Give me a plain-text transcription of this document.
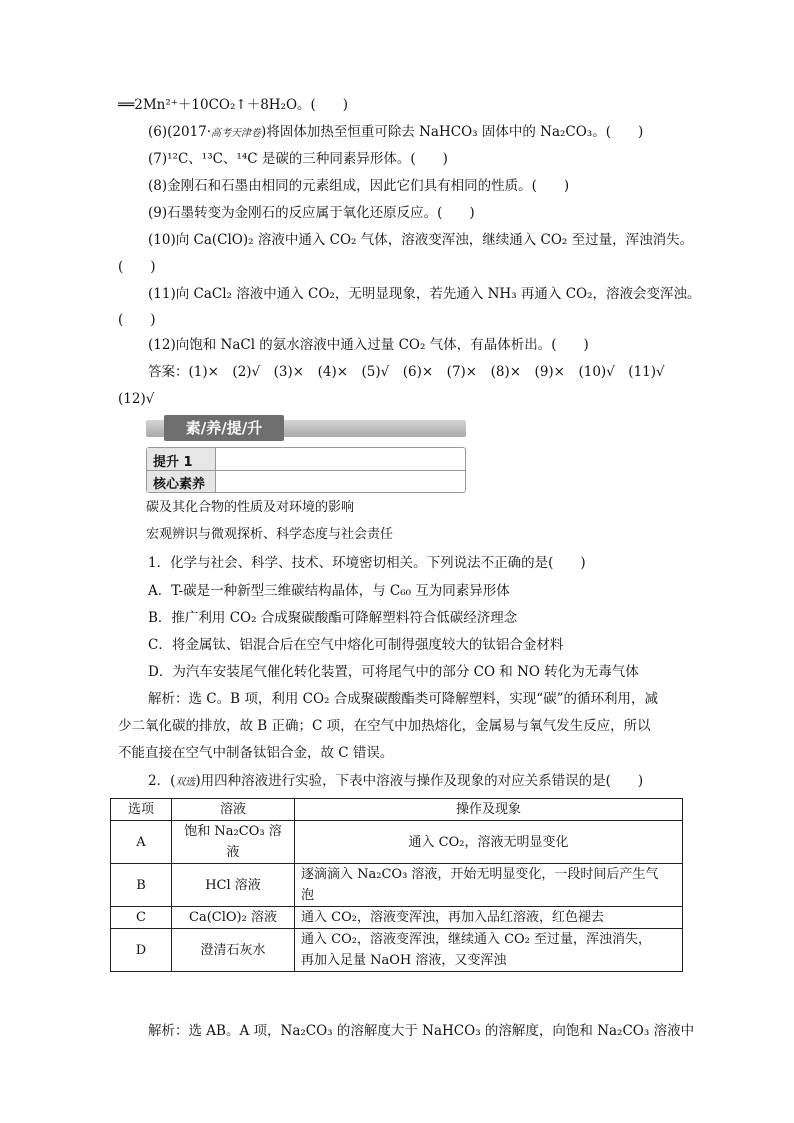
══2Mn²⁺＋10CO₂↑＋8H₂O。(　　)
(6)(2017·高考天津卷)将固体加热至恒重可除去 NaHCO₃ 固体中的 Na₂CO₃。(　　)
(7)¹²C、¹³C、¹⁴C 是碳的三种同素异形体。(　　)
(8)金刚石和石墨由相同的元素组成，因此它们具有相同的性质。(　　)
(9)石墨转变为金刚石的反应属于氧化还原反应。(　　)
(10)向 Ca(ClO)₂ 溶液中通入 CO₂ 气体，溶液变浑浊，继续通入 CO₂ 至过量，浑浊消失。
(　　)
(11)向 CaCl₂ 溶液中通入 CO₂，无明显现象，若先通入 NH₃ 再通入 CO₂，溶液会变浑浊。
(　　)
(12)向饱和 NaCl 的氨水溶液中通入过量 CO₂ 气体，有晶体析出。(　　)
答案：(1)×　(2)√　(3)×　(4)×　(5)√　(6)×　(7)×　(8)×　(9)×　(10)√　(11)√
(12)√
素/养/提/升
提升 1
核心素养
碳及其化合物的性质及对环境的影响
宏观辨识与微观探析、科学态度与社会责任
1．化学与社会、科学、技术、环境密切相关。下列说法不正确的是(　　)
A．T-碳是一种新型三维碳结构晶体，与 C₆₀ 互为同素异形体
B．推广利用 CO₂ 合成聚碳酸酯可降解塑料符合低碳经济理念
C．将金属钛、铝混合后在空气中熔化可制得强度较大的钛铝合金材料
D．为汽车安装尾气催化转化装置，可将尾气中的部分 CO 和 NO 转化为无毒气体
解析：选 C。B 项，利用 CO₂ 合成聚碳酸酯类可降解塑料，实现“碳”的循环利用，减
少二氧化碳的排放，故 B 正确；C 项，在空气中加热熔化，金属易与氧气发生反应，所以
不能直接在空气中制备钛铝合金，故 C 错误。
2．(双选)用四种溶液进行实验，下表中溶液与操作及现象的对应关系错误的是(　　)
选项	溶液	操作及现象
A	饱和 Na₂CO₃ 溶液	通入 CO₂，溶液无明显变化
B	HCl 溶液	逐滴滴入 Na₂CO₃ 溶液，开始无明显变化，一段时间后产生气
泡

C	Ca(ClO)₂ 溶液	通入 CO₂，溶液变浑浊，再加入品红溶液，红色褪去
D	澄清石灰水	通入 CO₂，溶液变浑浊，继续通入 CO₂ 至过量，浑浊消失，
再加入足量 NaOH 溶液，又变浑浊
解析：选 AB。A 项，Na₂CO₃ 的溶解度大于 NaHCO₃ 的溶解度，向饱和 Na₂CO₃ 溶液中
